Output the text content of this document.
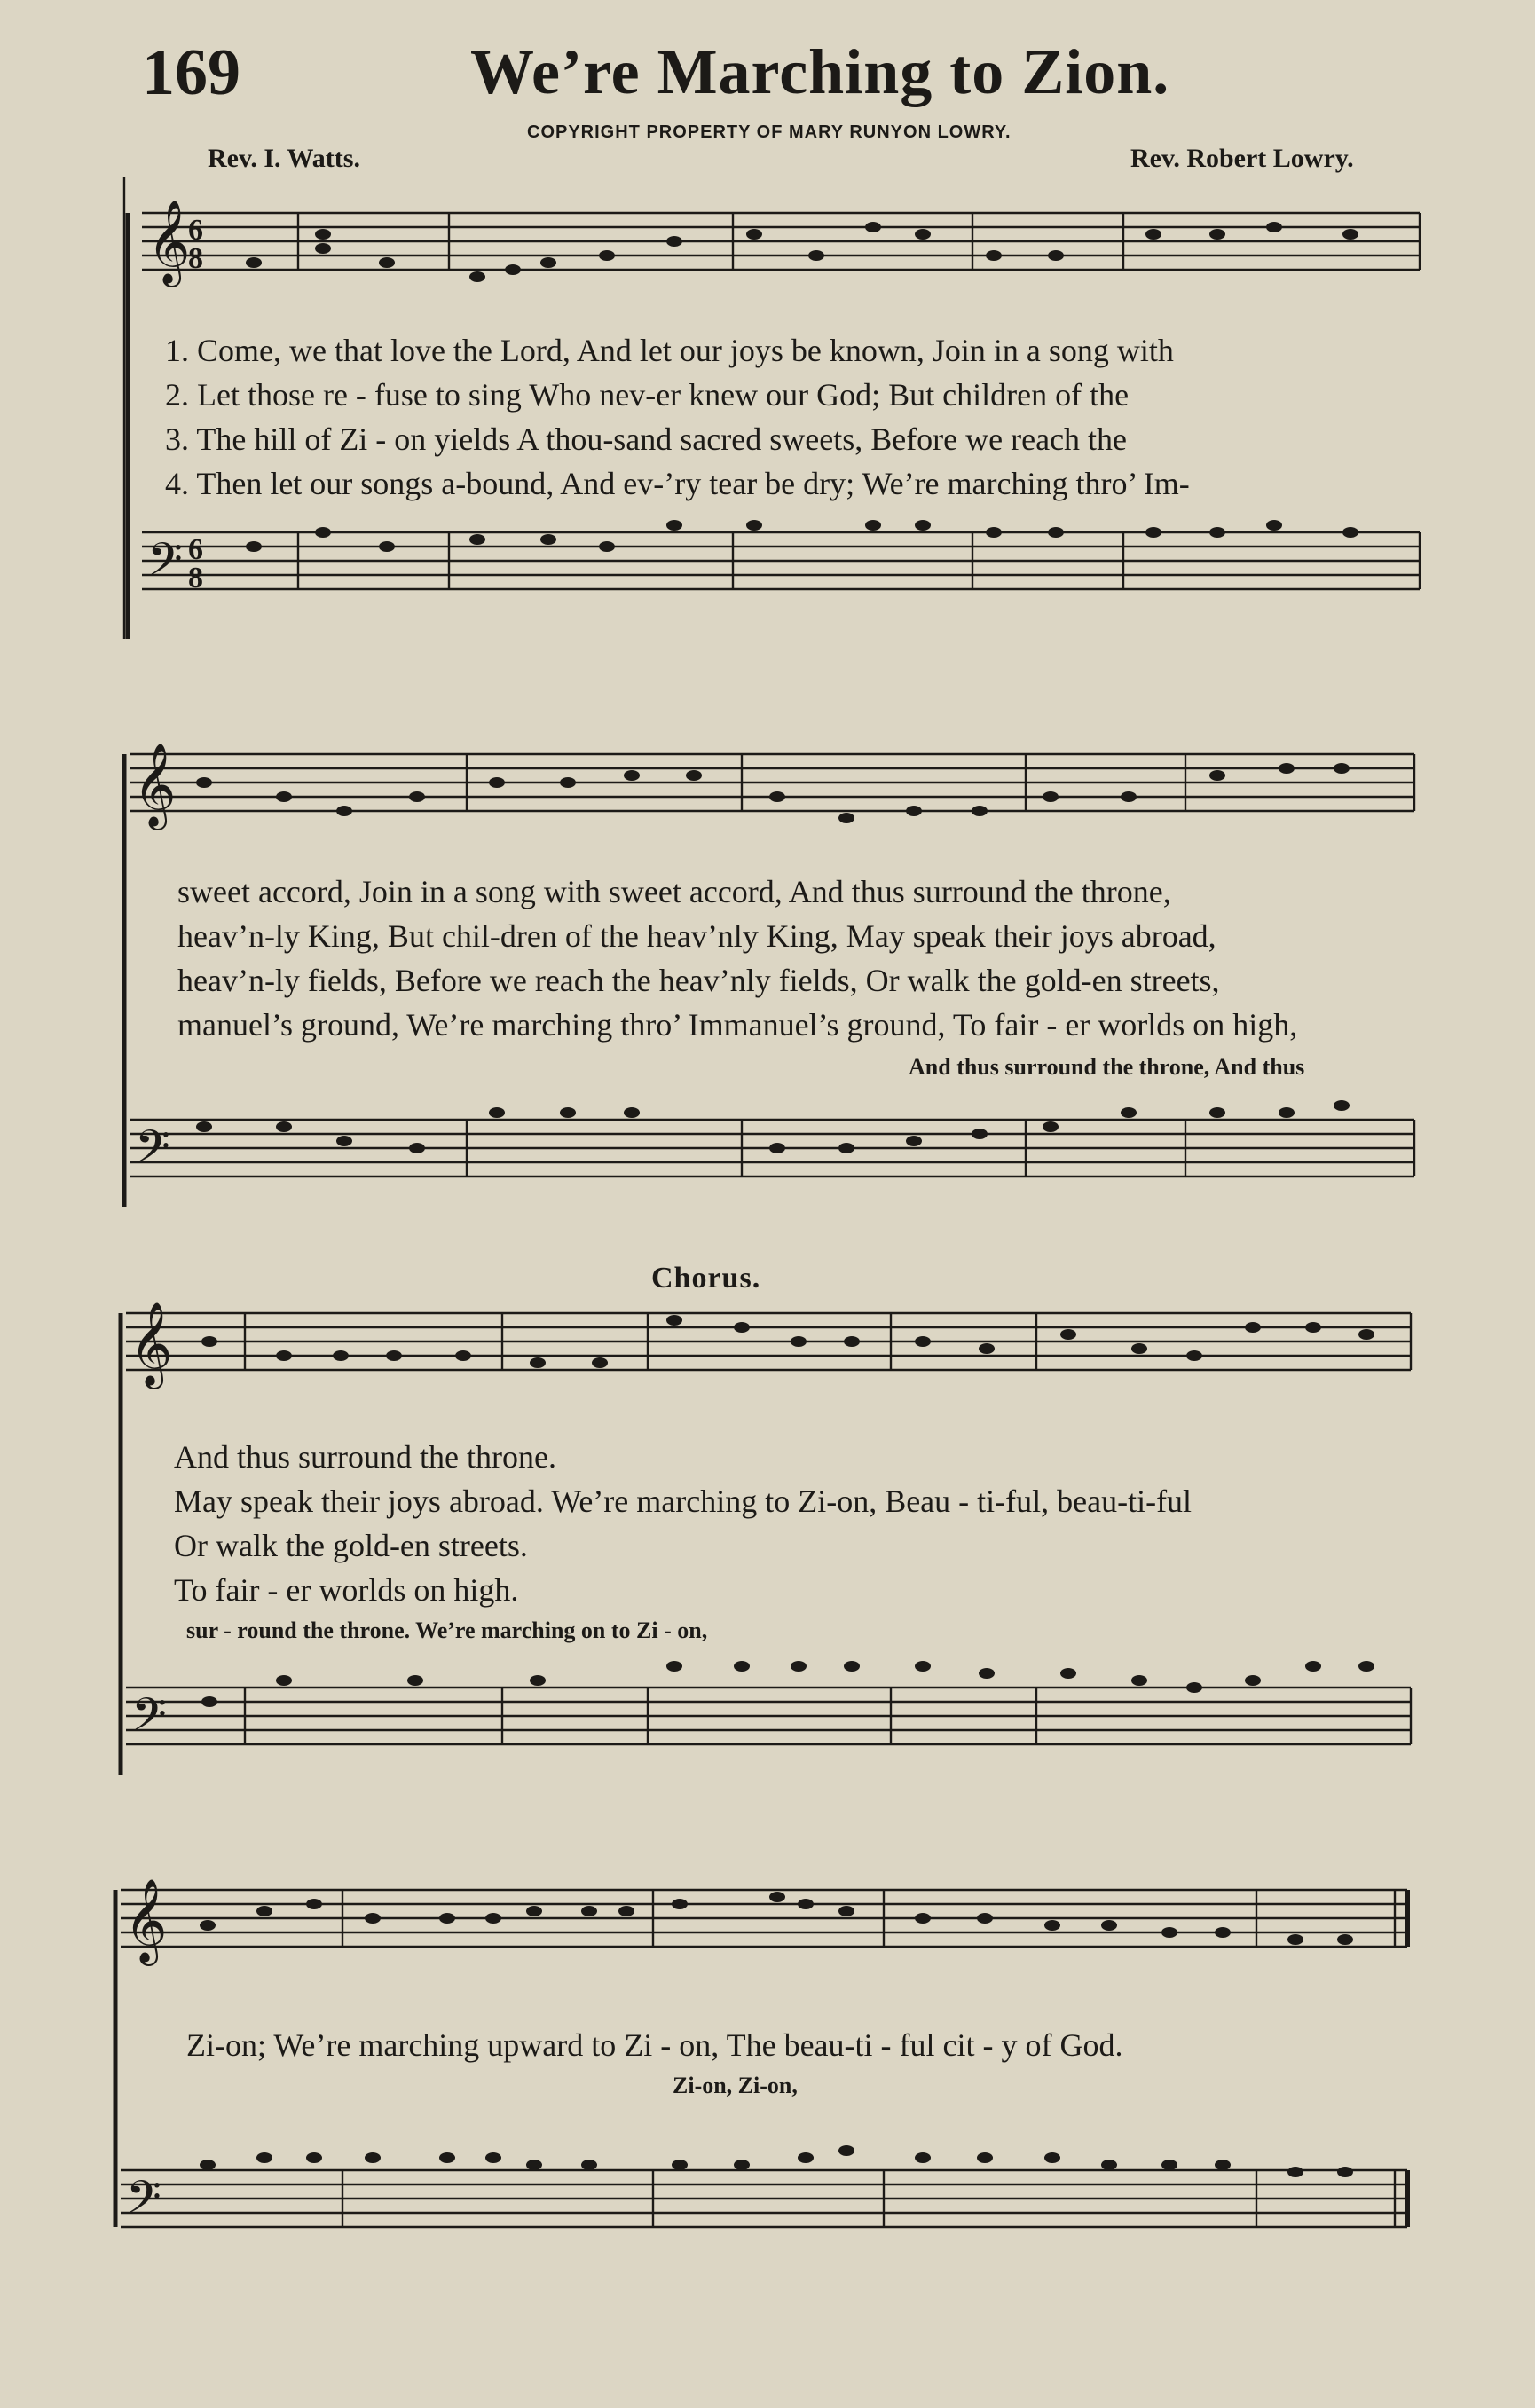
169	We’re Marching to Zion.
COPYRIGHT PROPERTY OF MARY RUNYON LOWRY.
Rev. I. Watts.	Rev. Robert Lowry.
𝄞
𝄢
6
8
6
8
1. Come, we that love the Lord, And let our joys be known, Join in a song with
2. Let those re - fuse to sing Who nev-er knew our God; But children of the
3. The hill of Zi - on yields A thou-sand sacred sweets, Before we reach the
4. Then let our songs a-bound, And ev-’ry tear be dry; We’re marching thro’ Im-
𝄞
𝄢
sweet accord, Join in a song with sweet accord, And thus surround the throne,
heav’n-ly King, But chil-dren of the heav’nly King, May speak their joys abroad,
heav’n-ly fields, Before we reach the heav’nly fields, Or walk the gold-en streets,
manuel’s ground, We’re marching thro’ Immanuel’s ground, To fair - er worlds on high,
And thus surround the throne, And thus
Chorus.
𝄞
𝄢
And thus surround the throne.
May speak their joys abroad. We’re marching to Zi-on, Beau - ti-ful, beau-ti-ful
Or walk the gold-en streets.
To fair - er worlds on high.
sur - round the throne. We’re marching on to Zi - on,
𝄞
𝄢
Zi-on; We’re marching upward to Zi - on, The beau-ti - ful cit - y of God.
Zi-on, Zi-on,
